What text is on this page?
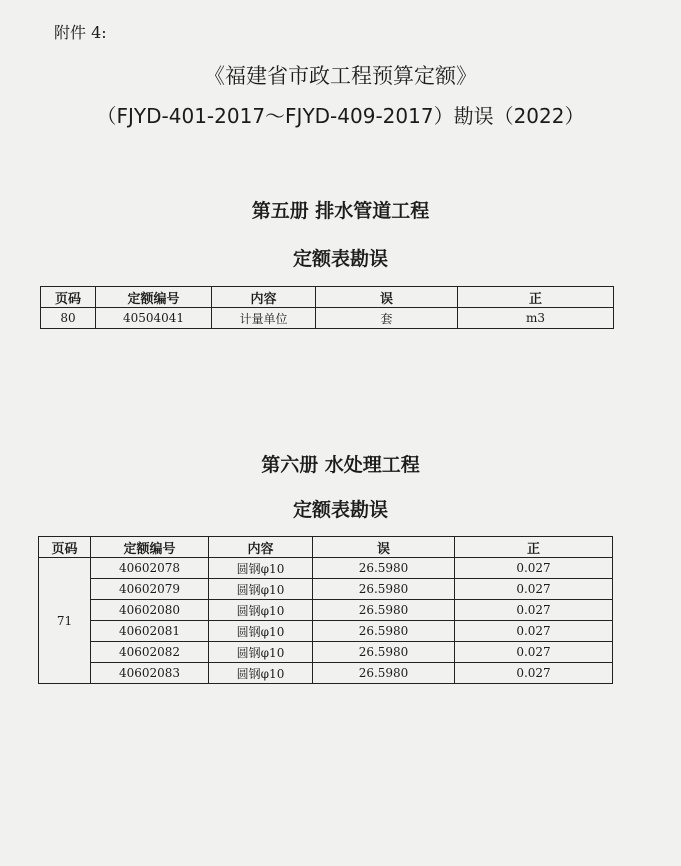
附件 4:
《福建省市政工程预算定额》
（FJYD-401-2017～FJYD-409-2017）勘误（2022）
第五册 排水管道工程
定额表勘误
页码	定额编号	内容	误	正
80	40504041	计量单位	套	m3
第六册 水处理工程
定额表勘误
页码	定额编号	内容	误	正
71	40602078	圆钢φ10	26.5980	0.027
	40602079	圆钢φ10	26.5980	0.027
	40602080	圆钢φ10	26.5980	0.027
	40602081	圆钢φ10	26.5980	0.027
	40602082	圆钢φ10	26.5980	0.027
	40602083	圆钢φ10	26.5980	0.027
